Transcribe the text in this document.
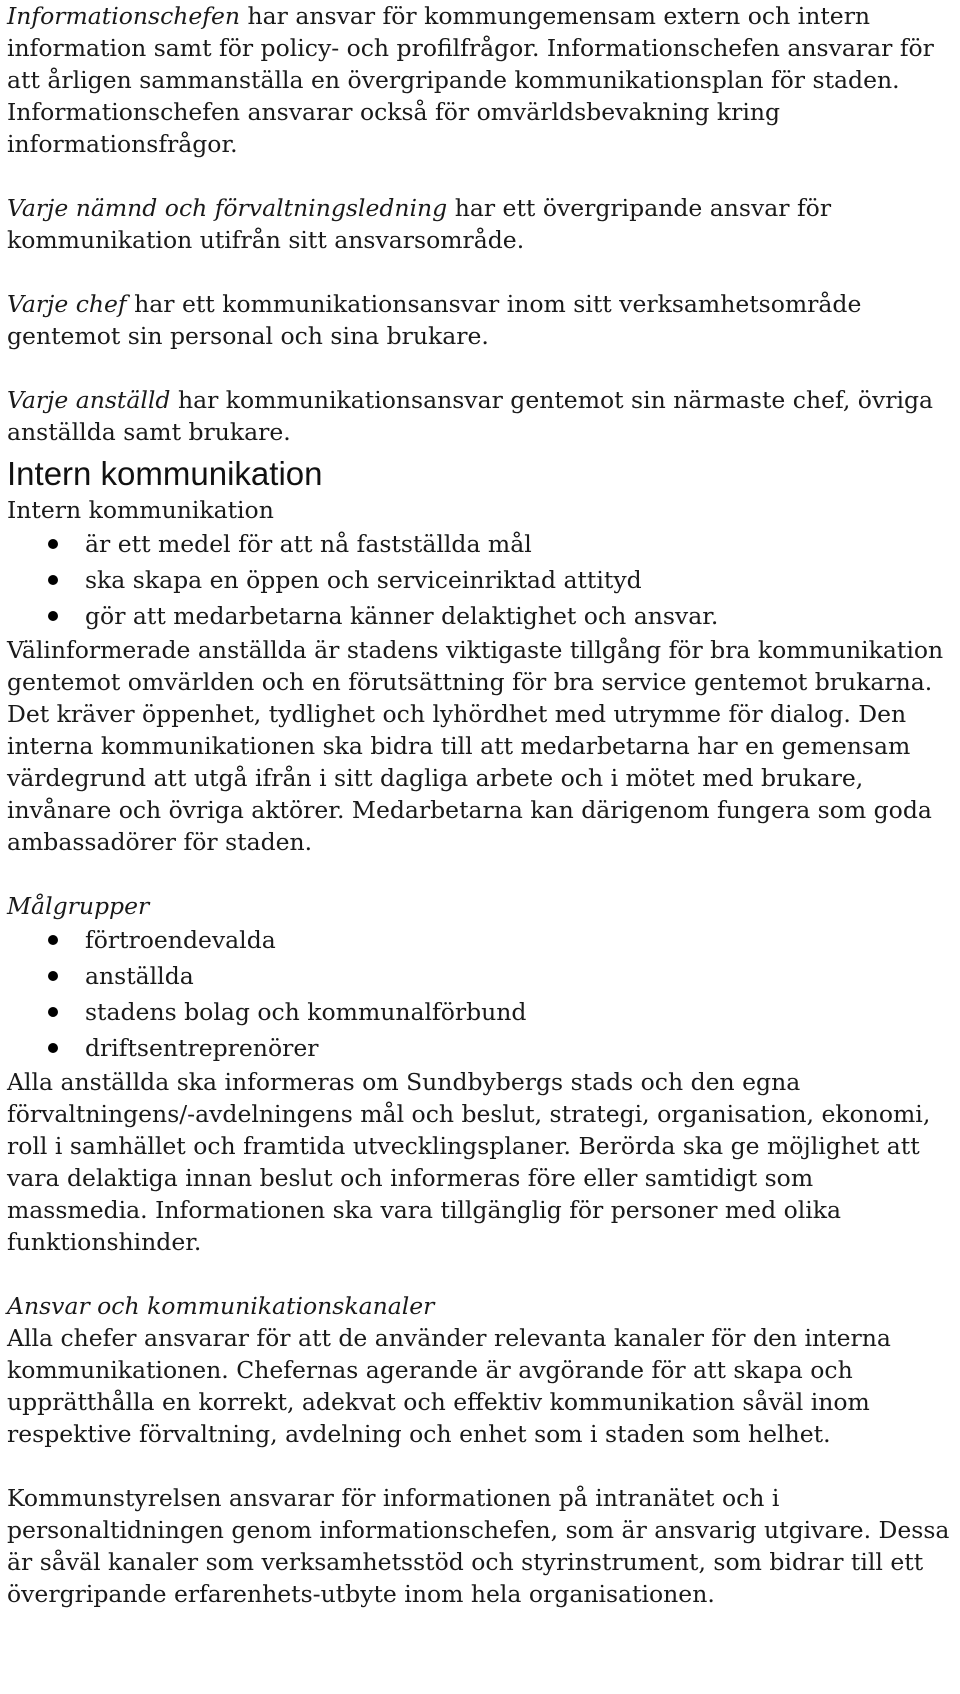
Informationschefen har ansvar för kommungemensam extern och intern information samt för policy- och profilfrågor. Informationschefen ansvarar för att årligen sammanställa en övergripande kommunikationsplan för staden. Informationschefen ansvarar också för omvärldsbevakning kring informationsfrågor.

Varje nämnd och förvaltningsledning har ett övergripande ansvar för kommunikation utifrån sitt ansvarsområde.

Varje chef har ett kommunikationsansvar inom sitt verksamhetsområde gentemot sin personal och sina brukare.

Varje anställd har kommunikationsansvar gentemot sin närmaste chef, övriga anställda samt brukare.

Intern kommunikation

Intern kommunikation

är ett medel för att nå fastställda mål
ska skapa en öppen och serviceinriktad attityd
gör att medarbetarna känner delaktighet och ansvar.

Välinformerade anställda är stadens viktigaste tillgång för bra kommunikation gentemot omvärlden och en förutsättning för bra service gentemot brukarna. Det kräver öppenhet, tydlighet och lyhördhet med utrymme för dialog. Den interna kommunikationen ska bidra till att medarbetarna har en gemensam värdegrund att utgå ifrån i sitt dagliga arbete och i mötet med brukare, invånare och övriga aktörer. Medarbetarna kan därigenom fungera som goda ambassadörer för staden.

Målgrupper

förtroendevalda
anställda
stadens bolag och kommunalförbund
driftsentreprenörer

Alla anställda ska informeras om Sundbybergs stads och den egna förvaltningens/-avdelningens mål och beslut, strategi, organisation, ekonomi, roll i samhället och framtida utvecklingsplaner. Berörda ska ge möjlighet att vara delaktiga innan beslut och informeras före eller samtidigt som massmedia. Informationen ska vara tillgänglig för personer med olika funktionshinder.

Ansvar och kommunikationskanaler

Alla chefer ansvarar för att de använder relevanta kanaler för den interna kommunikationen. Chefernas agerande är avgörande för att skapa och upprätthålla en korrekt, adekvat och effektiv kommunikation såväl inom respektive förvaltning, avdelning och enhet som i staden som helhet.

Kommunstyrelsen ansvarar för informationen på intranätet och i personaltidningen genom informationschefen, som är ansvarig utgivare. Dessa är såväl kanaler som verksamhetsstöd och styrinstrument, som bidrar till ett övergripande erfarenhets-utbyte inom hela organisationen.
